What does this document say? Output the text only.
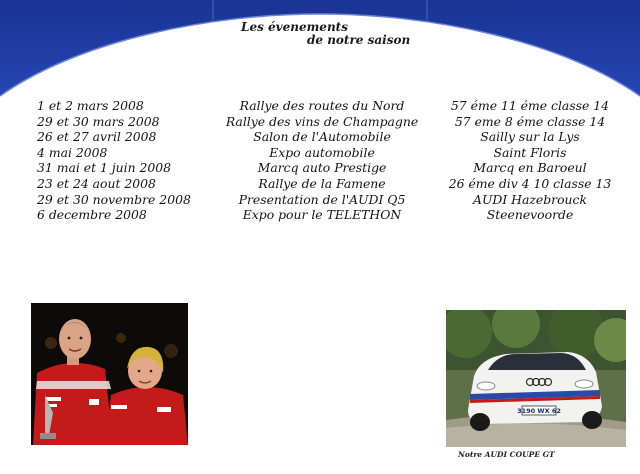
Les évenements
de notre saison
1 et 2 mars 2008
29 et 30 mars 2008
26 et 27 avril 2008
4 mai 2008
31 mai et 1 juin 2008
23 et 24 aout 2008
29 et 30 novembre 2008
6 decembre 2008
Rallye des routes du Nord
Rallye des vins de Champagne
Salon de l'Automobile
Expo automobile
Marcq auto Prestige
Rallye de la Famene
Presentation de l'AUDI Q5
Expo pour le TELETHON
57 éme 11 éme classe 14
57 eme 8 éme classe 14
Sailly sur la Lys
Saint Floris
Marcq en Baroeul
26 éme div 4 10 classe 13
AUDI Hazebrouck
Steenevoorde
3190 WX 62
Notre AUDI COUPE GT
